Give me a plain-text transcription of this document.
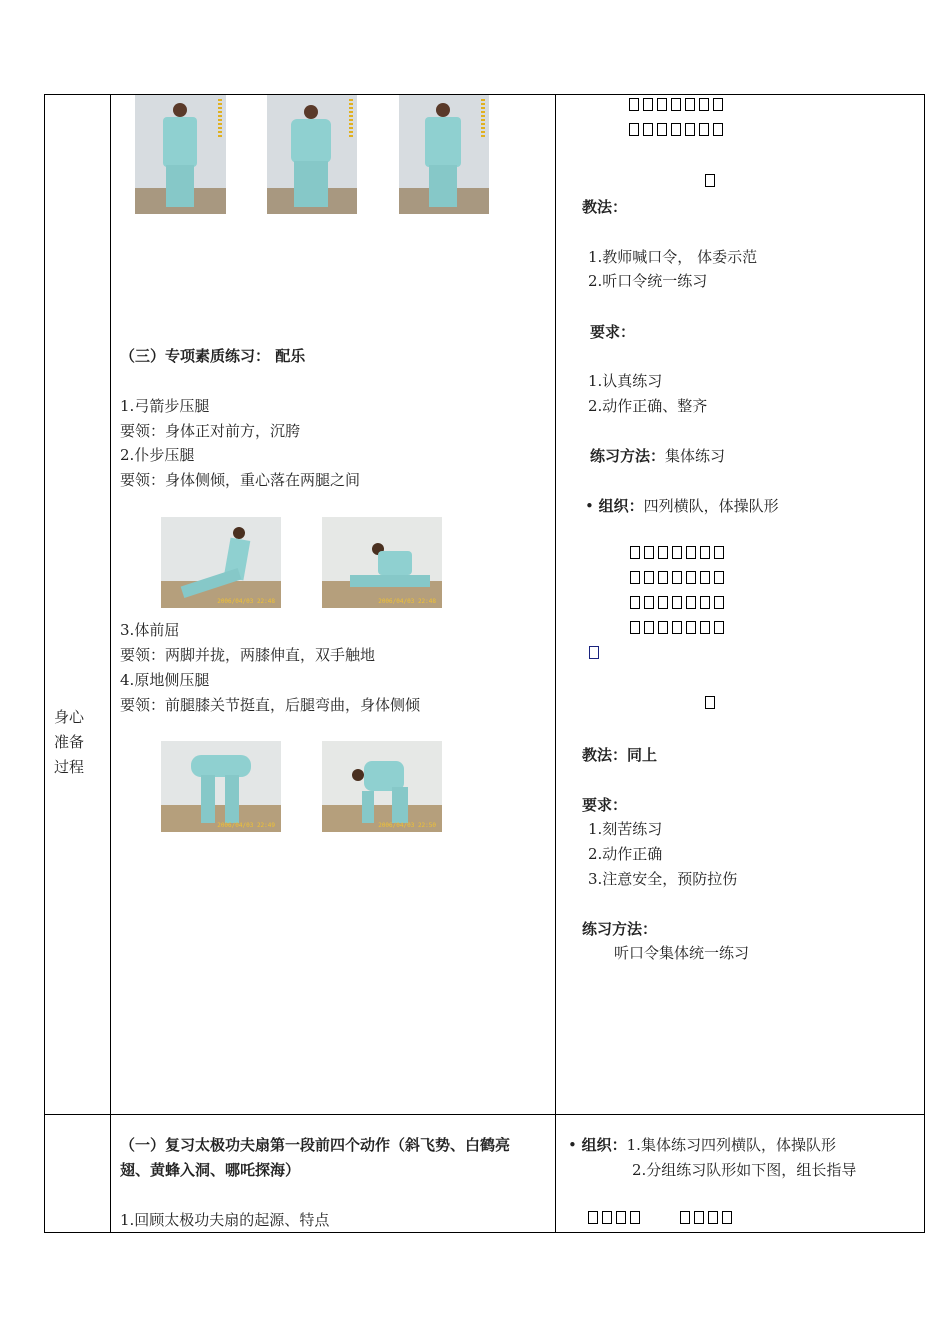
身心
准备
过程
（三）专项素质练习： 配乐
1.弓箭步压腿
要领：身体正对前方，沉胯
2.仆步压腿
要领：身体侧倾，重心落在两腿之间
2006/04/03 22:48	2006/04/03 22:48
3.体前屈
要领：两脚并拢，两膝伸直，双手触地
4.原地侧压腿
要领：前腿膝关节挺直，后腿弯曲，身体侧倾
2006/04/03 22:49	2006/04/03 22:50
教法：
1.教师喊口令， 体委示范
2.听口令统一练习
要求：
1.认真练习
2.动作正确、整齐
练习方法：集体练习
• 组织：四列横队，体操队形
教法：同上
要求：
1.刻苦练习
2.动作正确
3.注意安全，预防拉伤
练习方法：
听口令集体统一练习
（一）复习太极功夫扇第一段前四个动作（斜飞势、白鹤亮
翅、黄蜂入洞、哪吒探海）
1.回顾太极功夫扇的起源、特点
• 组织：1.集体练习四列横队，体操队形
2.分组练习队形如下图，组长指导
